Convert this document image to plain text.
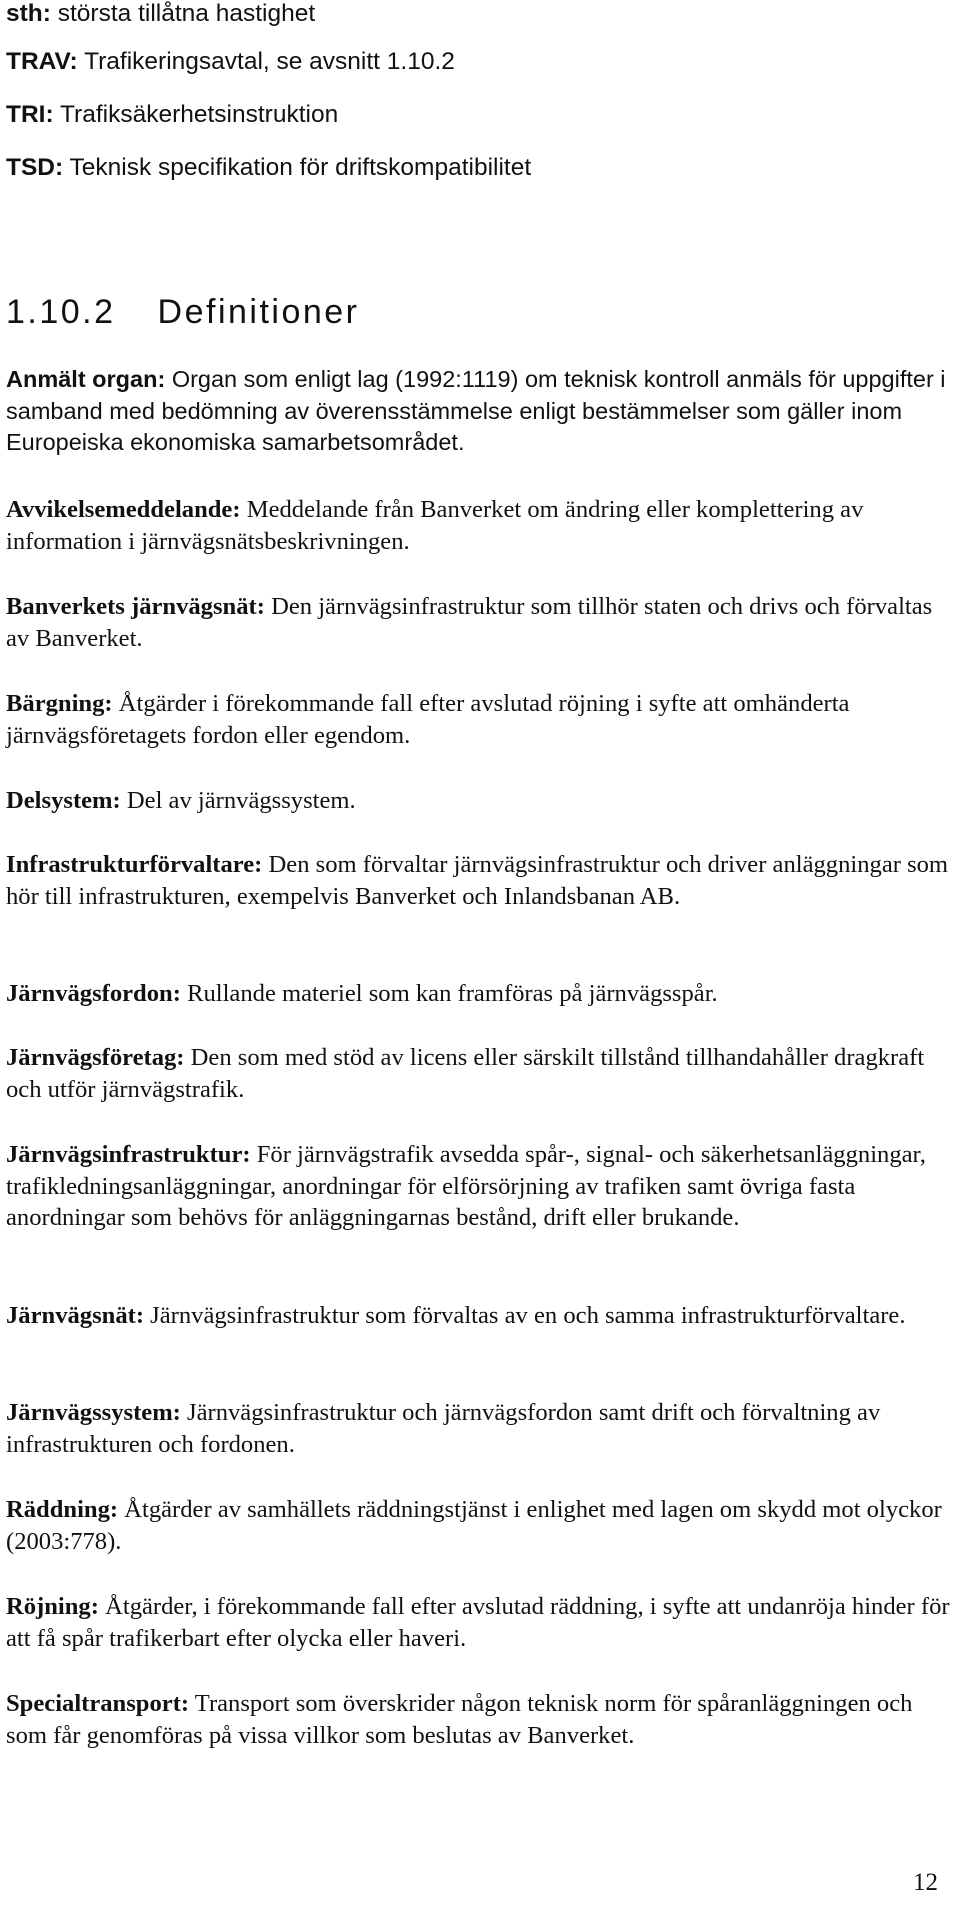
sth: största tillåtna hastighet
TRAV: Trafikeringsavtal, se avsnitt 1.10.2
TRI: Trafiksäkerhetsinstruktion
TSD: Teknisk specifikation för driftskompatibilitet
1.10.2 Definitioner

Anmält organ: Organ som enligt lag (1992:1119) om teknisk kontroll anmäls för uppgifter i samband med bedömning av överensstämmelse enligt bestämmelser som gäller inom Europeiska ekonomiska samarbetsområdet.

Avvikelsemeddelande: Meddelande från Banverket om ändring eller komplettering av information i järnvägsnätsbeskrivningen.

Banverkets järnvägsnät: Den järnvägsinfrastruktur som tillhör staten och drivs och förvaltas av Banverket.

Bärgning: Åtgärder i förekommande fall efter avslutad röjning i syfte att omhänderta järnvägsföretagets fordon eller egendom.

Delsystem: Del av järnvägssystem.

Infrastrukturförvaltare: Den som förvaltar järnvägsinfrastruktur och driver anläggningar som hör till infrastrukturen, exempelvis Banverket och Inlandsbanan AB.

Järnvägsfordon: Rullande materiel som kan framföras på järnvägsspår.

Järnvägsföretag: Den som med stöd av licens eller särskilt tillstånd tillhandahåller dragkraft och utför järnvägstrafik.

Järnvägsinfrastruktur: För järnvägstrafik avsedda spår-, signal- och säkerhetsanläggningar, trafikledningsanläggningar, anordningar för elförsörjning av trafiken samt övriga fasta anordningar som behövs för anläggningarnas bestånd, drift eller brukande.

Järnvägsnät: Järnvägsinfrastruktur som förvaltas av en och samma infrastrukturförvaltare.

Järnvägssystem: Järnvägsinfrastruktur och järnvägsfordon samt drift och förvaltning av infrastrukturen och fordonen.

Räddning: Åtgärder av samhällets räddningstjänst i enlighet med lagen om skydd mot olyckor (2003:778).

Röjning: Åtgärder, i förekommande fall efter avslutad räddning, i syfte att undanröja hinder för att få spår trafikerbart efter olycka eller haveri.

Specialtransport: Transport som överskrider någon teknisk norm för spåranläggningen och som får genomföras på vissa villkor som beslutas av Banverket.

12
